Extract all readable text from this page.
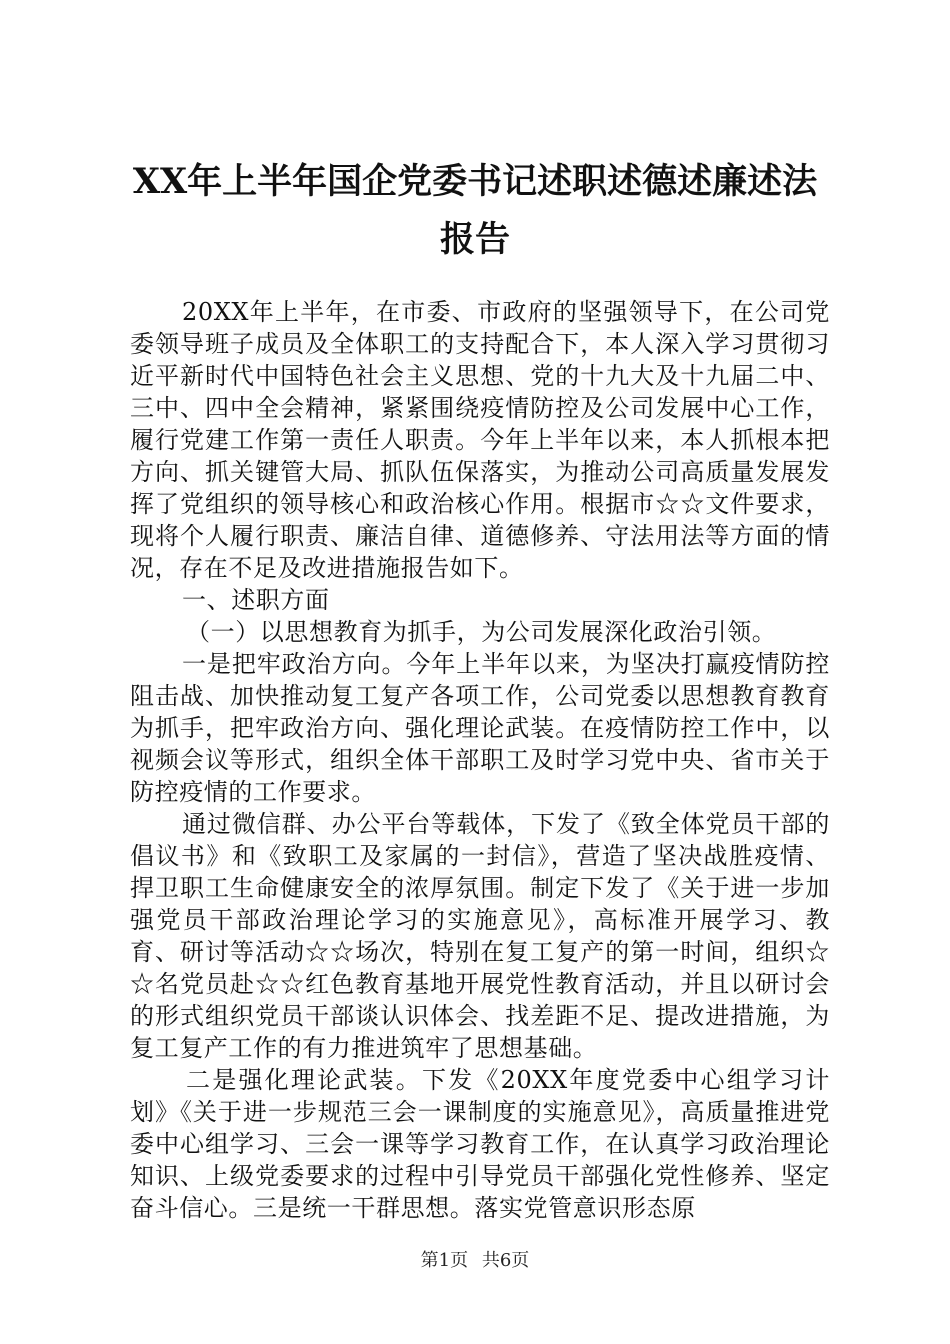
XX年上半年国企党委书记述职述德述廉述法
报告

20XX年上半年，在市委、市政府的坚强领导下，在公司党委领导班子成员及全体职工的支持配合下，本人深入学习贯彻习近平新时代中国特色社会主义思想、党的十九大及十九届二中、三中、四中全会精神，紧紧围绕疫情防控及公司发展中心工作，履行党建工作第一责任人职责。今年上半年以来，本人抓根本把方向、抓关键管大局、抓队伍保落实，为推动公司高质量发展发挥了党组织的领导核心和政治核心作用。根据市☆☆文件要求，现将个人履行职责、廉洁自律、道德修养、守法用法等方面的情况，存在不足及改进措施报告如下。

一、述职方面

（一）以思想教育为抓手，为公司发展深化政治引领。

一是把牢政治方向。今年上半年以来，为坚决打赢疫情防控阻击战、加快推动复工复产各项工作，公司党委以思想教育教育为抓手，把牢政治方向、强化理论武装。在疫情防控工作中，以视频会议等形式，组织全体干部职工及时学习党中央、省市关于防控疫情的工作要求。

通过微信群、办公平台等载体，下发了《致全体党员干部的倡议书》和《致职工及家属的一封信》，营造了坚决战胜疫情、捍卫职工生命健康安全的浓厚氛围。制定下发了《关于进一步加强党员干部政治理论学习的实施意见》，高标准开展学习、教育、研讨等活动☆☆场次，特别在复工复产的第一时间，组织☆☆名党员赴☆☆红色教育基地开展党性教育活动，并且以研讨会的形式组织党员干部谈认识体会、找差距不足、提改进措施，为复工复产工作的有力推进筑牢了思想基础。

二是强化理论武装。下发《20XX年度党委中心组学习计划》《关于进一步规范三会一课制度的实施意见》，高质量推进党委中心组学习、三会一课等学习教育工作，在认真学习政治理论知识、上级党委要求的过程中引导党员干部强化党性修养、坚定奋斗信心。三是统一干群思想。落实党管意识形态原

第1页 共6页
